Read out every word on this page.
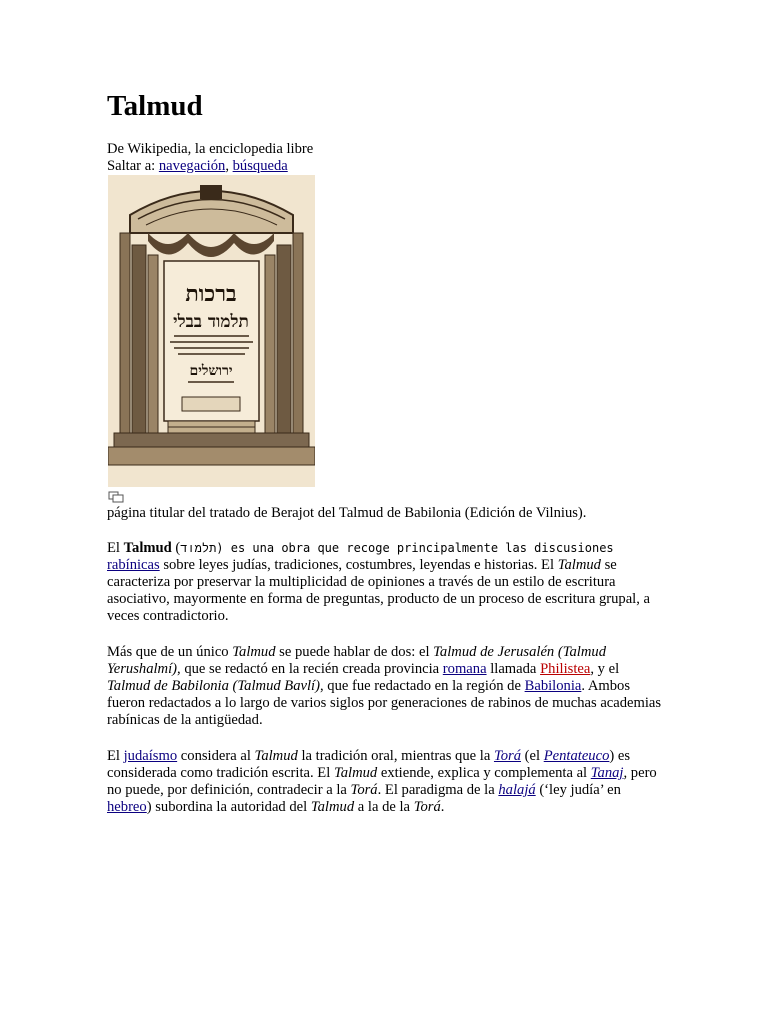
Talmud
De Wikipedia, la enciclopedia libre
Saltar a: navegación, búsqueda
ברכות
תלמוד בבלי
ירושלים
página titular del tratado de Berajot del Talmud de Babilonia (Edición de Vilnius).

El Talmud (תלמוד) es una obra que recoge principalmente las discusiones rabínicas sobre leyes judías, tradiciones, costumbres, leyendas e historias. El Talmud se caracteriza por preservar la multiplicidad de opiniones a través de un estilo de escritura asociativo, mayormente en forma de preguntas, producto de un proceso de escritura grupal, a veces contradictorio.

Más que de un único Talmud se puede hablar de dos: el Talmud de Jerusalén (Talmud Yerushalmí), que se redactó en la recién creada provincia romana llamada Philistea, y el Talmud de Babilonia (Talmud Bavlí), que fue redactado en la región de Babilonia. Ambos fueron redactados a lo largo de varios siglos por generaciones de rabinos de muchas academias rabínicas de la antigüedad.

El judaísmo considera al Talmud la tradición oral, mientras que la Torá (el Pentateuco) es considerada como tradición escrita. El Talmud extiende, explica y complementa al Tanaj, pero no puede, por definición, contradecir a la Torá. El paradigma de la halajá (‘ley judía’ en hebreo) subordina la autoridad del Talmud a la de la Torá.
